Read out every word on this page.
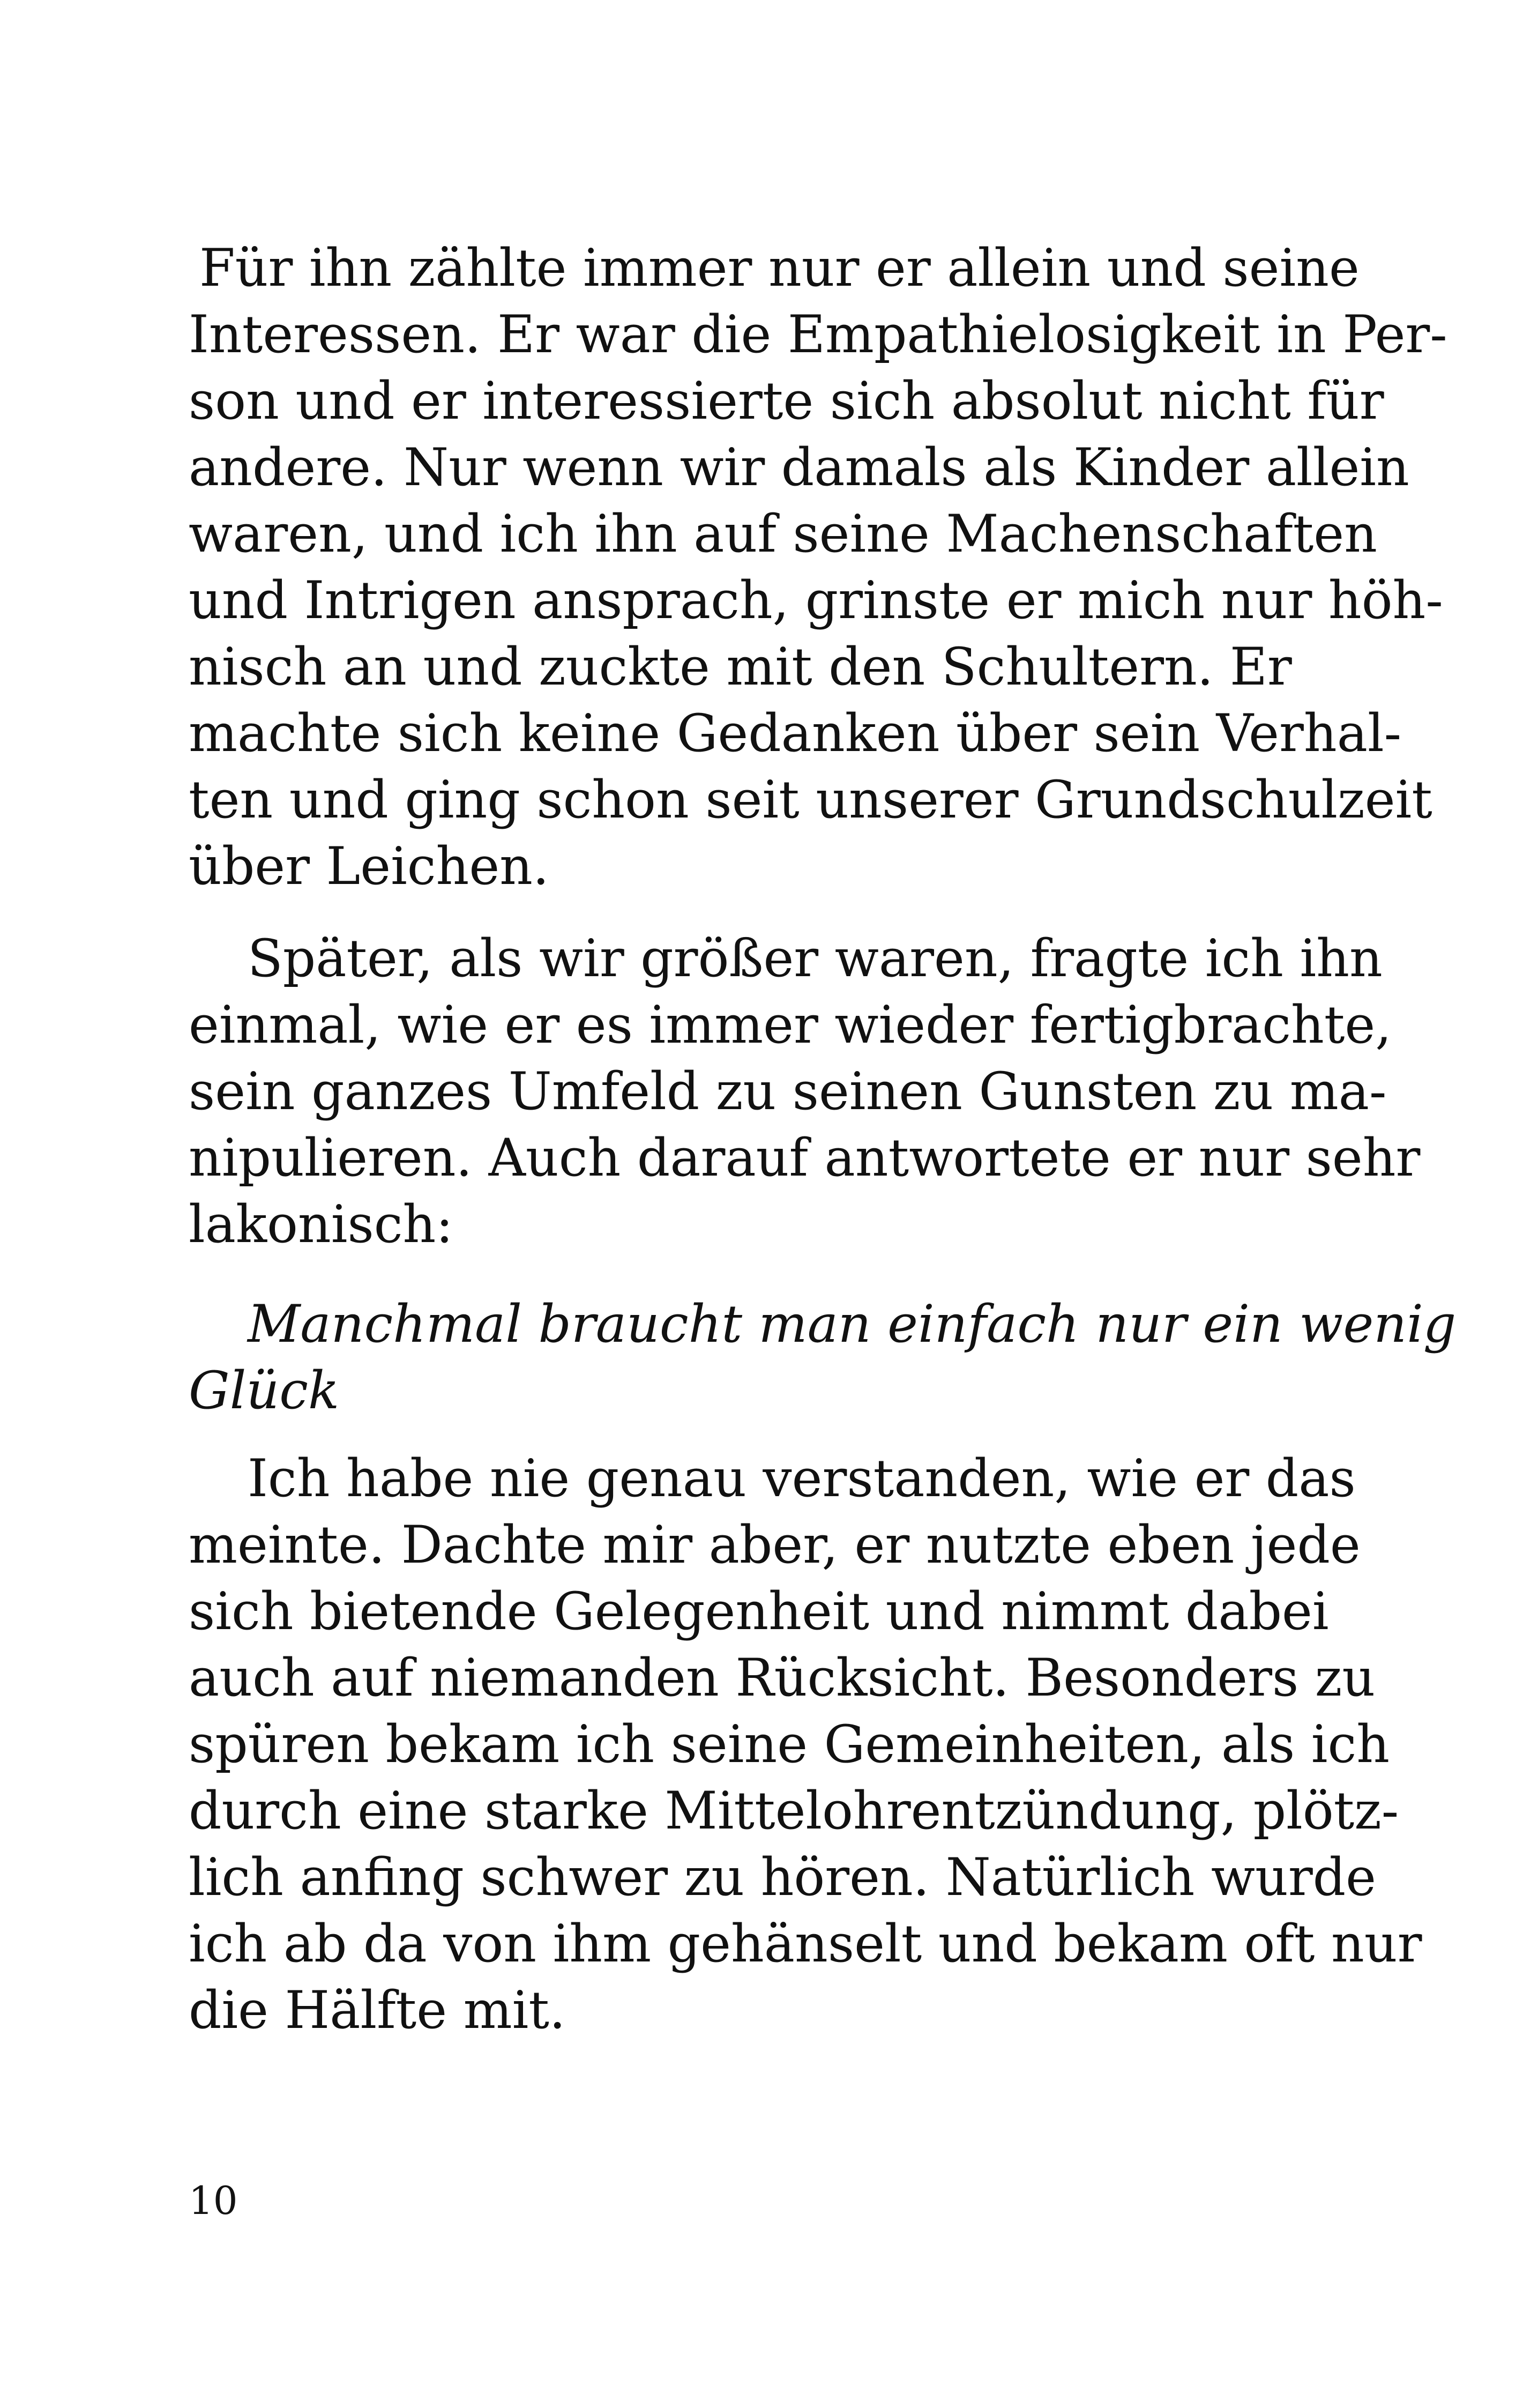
Für ihn zählte immer nur er allein und seine
Interessen. Er war die Empathielosigkeit in Per-
son und er interessierte sich absolut nicht für
andere. Nur wenn wir damals als Kinder allein
waren, und ich ihn auf seine Machenschaften
und Intrigen ansprach, grinste er mich nur höh-
nisch an und zuckte mit den Schultern. Er
machte sich keine Gedanken über sein Verhal-
ten und ging schon seit unserer Grundschulzeit
über Leichen.
Später, als wir größer waren, fragte ich ihn
einmal, wie er es immer wieder fertigbrachte,
sein ganzes Umfeld zu seinen Gunsten zu ma-
nipulieren. Auch darauf antwortete er nur sehr
lakonisch:
Manchmal braucht man einfach nur ein wenig
Glück
Ich habe nie genau verstanden, wie er das
meinte. Dachte mir aber, er nutzte eben jede
sich bietende Gelegenheit und nimmt dabei
auch auf niemanden Rücksicht. Besonders zu
spüren bekam ich seine Gemeinheiten, als ich
durch eine starke Mittelohrentzündung, plötz-
lich anfing schwer zu hören. Natürlich wurde
ich ab da von ihm gehänselt und bekam oft nur
die Hälfte mit.
10
